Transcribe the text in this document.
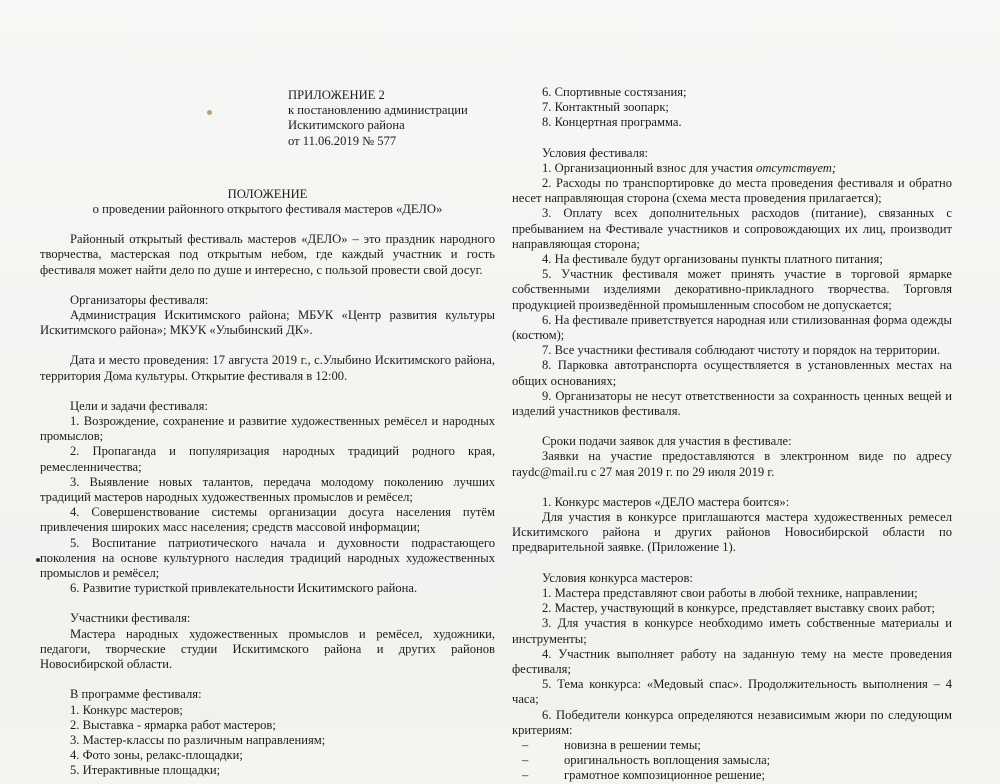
ПРИЛОЖЕНИЕ 2

к постановлению администрации

Искитимского района

от 11.06.2019 № 577

ПОЛОЖЕНИЕ

о проведении районного открытого фестиваля мастеров «ДЕЛО»

Районный открытый фестиваль мастеров «ДЕЛО» – это праздник народного творчества, мастерская под открытым небом, где каждый участник и гость фестиваля может найти дело по душе и интересно, с пользой провести свой досуг.

Организаторы фестиваля:

Администрация Искитимского района; МБУК «Центр развития культуры Искитимского района»; МКУК «Улыбинский ДК».

Дата и место проведения: 17 августа 2019 г., с.Улыбино Искитимского района, территория Дома культуры. Открытие фестиваля в 12:00.

Цели и задачи фестиваля:

1. Возрождение, сохранение и развитие художественных ремёсел и народных промыслов;

2. Пропаганда и популяризация народных традиций родного края, ремесленничества;

3. Выявление новых талантов, передача молодому поколению лучших традиций мастеров народных художественных промыслов и ремёсел;

4. Совершенствование системы организации досуга населения путём привлечения широких масс населения; средств массовой информации;

5. Воспитание патриотического начала и духовности подрастающего поколения на основе культурного наследия традиций народных художественных промыслов и ремёсел;

6. Развитие туристкой привлекательности Искитимского района.

Участники фестиваля:

Мастера народных художественных промыслов и ремёсел, художники, педагоги, творческие студии Искитимского района и других районов Новосибирской области.

В программе фестиваля:

1. Конкурс мастеров;

2. Выставка - ярмарка работ мастеров;

3. Мастер-классы по различным направлениям;

4. Фото зоны, релакс-площадки;

5. Итерактивные площадки;

6. Спортивные состязания;

7. Контактный зоопарк;

8. Концертная программа.

Условия фестиваля:

1. Организационный взнос для участия отсутствует;

2. Расходы по транспортировке до места проведения фестиваля и обратно несет направляющая сторона (схема места проведения прилагается);

3. Оплату всех дополнительных расходов (питание), связанных с пребыванием на Фестивале участников и сопровождающих их лиц, производит направляющая сторона;

4. На фестивале будут организованы пункты платного питания;

5. Участник фестиваля может принять участие в торговой ярмарке собственными изделиями декоративно-прикладного творчества. Торговля продукцией произведённой промышленным способом не допускается;

6. На фестивале приветствуется народная или стилизованная форма одежды (костюм);

7. Все участники фестиваля соблюдают чистоту и порядок на территории.

8. Парковка автотранспорта осуществляется в установленных местах на общих основаниях;

9. Организаторы не несут ответственности за сохранность ценных вещей и изделий участников фестиваля.

Сроки подачи заявок для участия в фестивале:

Заявки на участие предоставляются в электронном виде по адресу raydc@mail.ru с 27 мая 2019 г. по 29 июля 2019 г.

1. Конкурс мастеров «ДЕЛО мастера боится»:

Для участия в конкурсе приглашаются мастера художественных ремесел Искитимского района и других районов Новосибирской области по предварительной заявке. (Приложение 1).

Условия конкурса мастеров:

1. Мастера представляют свои работы в любой технике, направлении;

2. Мастер, участвующий в конкурсе, представляет выставку своих работ;

3. Для участия в конкурсе необходимо иметь собственные материалы и инструменты;

4. Участник выполняет работу на заданную тему на месте проведения фестиваля;

5. Тема конкурса: «Медовый спас». Продолжительность выполнения – 4 часа;

6. Победители конкурса определяются независимым жюри по следующим критериям:

–	новизна в решении темы;

–	оригинальность воплощения замысла;

–	грамотное композиционное решение;
